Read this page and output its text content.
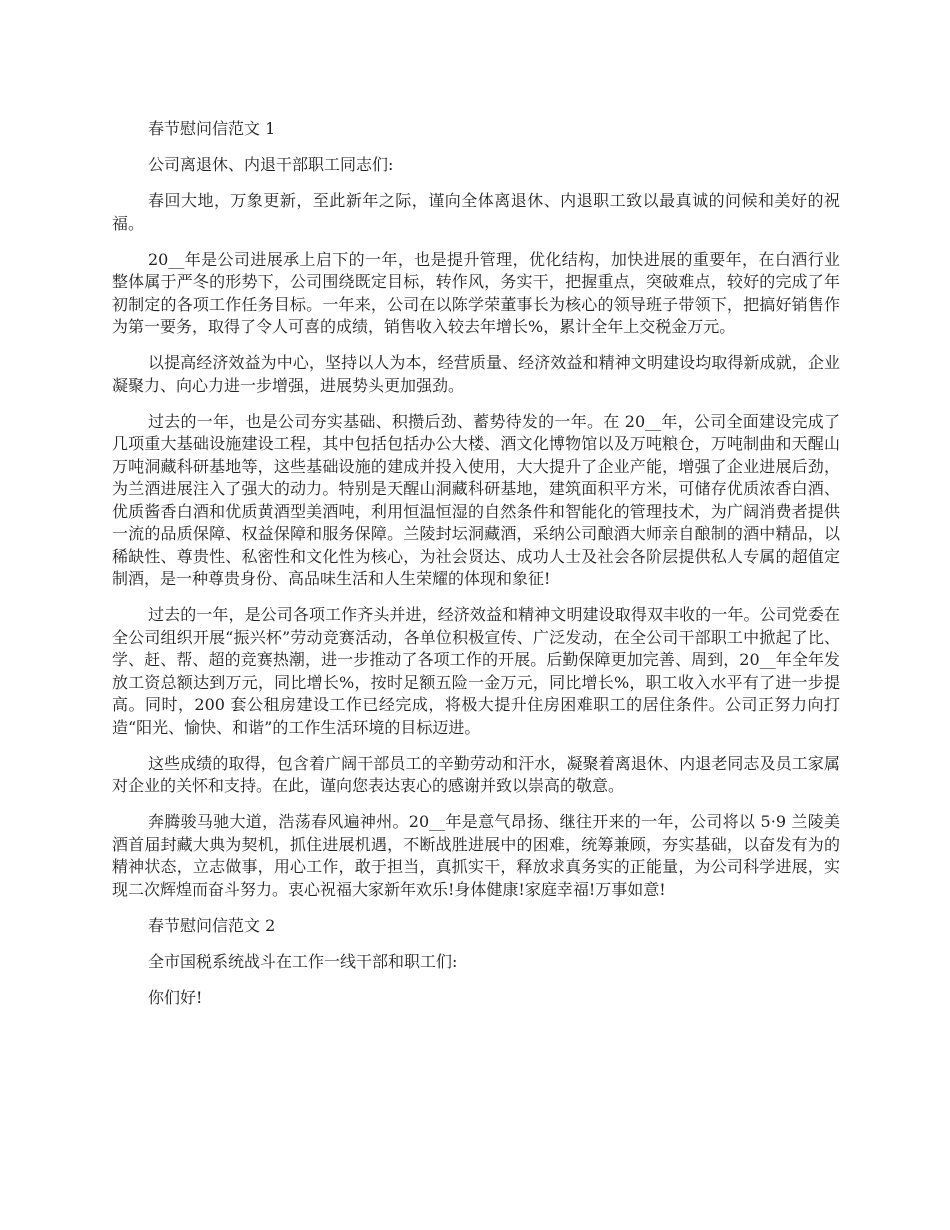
春节慰问信范文 1

公司离退休、内退干部职工同志们:

春回大地，万象更新，至此新年之际，谨向全体离退休、内退职工致以最真诚的问候和美好的祝福。

20__年是公司进展承上启下的一年，也是提升管理，优化结构，加快进展的重要年，在白酒行业整体属于严冬的形势下，公司围绕既定目标，转作风，务实干，把握重点，突破难点，较好的完成了年初制定的各项工作任务目标。一年来，公司在以陈学荣董事长为核心的领导班子带领下，把搞好销售作为第一要务，取得了令人可喜的成绩，销售收入较去年增长%，累计全年上交税金万元。

以提高经济效益为中心，坚持以人为本，经营质量、经济效益和精神文明建设均取得新成就，企业凝聚力、向心力进一步增强，进展势头更加强劲。

过去的一年，也是公司夯实基础、积攒后劲、蓄势待发的一年。在 20__年，公司全面建设完成了几项重大基础设施建设工程，其中包括包括办公大楼、酒文化博物馆以及万吨粮仓，万吨制曲和天醒山万吨洞藏科研基地等，这些基础设施的建成并投入使用，大大提升了企业产能，增强了企业进展后劲，为兰酒进展注入了强大的动力。特别是天醒山洞藏科研基地，建筑面积平方米，可储存优质浓香白酒、优质酱香白酒和优质黄酒型美酒吨，利用恒温恒湿的自然条件和智能化的管理技术，为广阔消费者提供一流的品质保障、权益保障和服务保障。兰陵封坛洞藏酒，采纳公司酿酒大师亲自酿制的酒中精品，以稀缺性、尊贵性、私密性和文化性为核心，为社会贤达、成功人士及社会各阶层提供私人专属的超值定制酒，是一种尊贵身份、高品味生活和人生荣耀的体现和象征!

过去的一年，是公司各项工作齐头并进，经济效益和精神文明建设取得双丰收的一年。公司党委在全公司组织开展“振兴杯”劳动竞赛活动，各单位积极宣传、广泛发动，在全公司干部职工中掀起了比、学、赶、帮、超的竞赛热潮，进一步推动了各项工作的开展。后勤保障更加完善、周到，20__年全年发放工资总额达到万元，同比增长%，按时足额五险一金万元，同比增长%，职工收入水平有了进一步提高。同时，200 套公租房建设工作已经完成，将极大提升住房困难职工的居住条件。公司正努力向打造“阳光、愉快、和谐”的工作生活环境的目标迈进。

这些成绩的取得，包含着广阔干部员工的辛勤劳动和汗水，凝聚着离退休、内退老同志及员工家属对企业的关怀和支持。在此，谨向您表达衷心的感谢并致以崇高的敬意。

奔腾骏马驰大道，浩荡春风遍神州。20__年是意气昂扬、继往开来的一年，公司将以 5·9 兰陵美酒首届封藏大典为契机，抓住进展机遇，不断战胜进展中的困难，统筹兼顾，夯实基础，以奋发有为的精神状态，立志做事，用心工作，敢于担当，真抓实干，释放求真务实的正能量，为公司科学进展，实现二次辉煌而奋斗努力。衷心祝福大家新年欢乐!身体健康!家庭幸福!万事如意!

春节慰问信范文 2

全市国税系统战斗在工作一线干部和职工们:

你们好!
